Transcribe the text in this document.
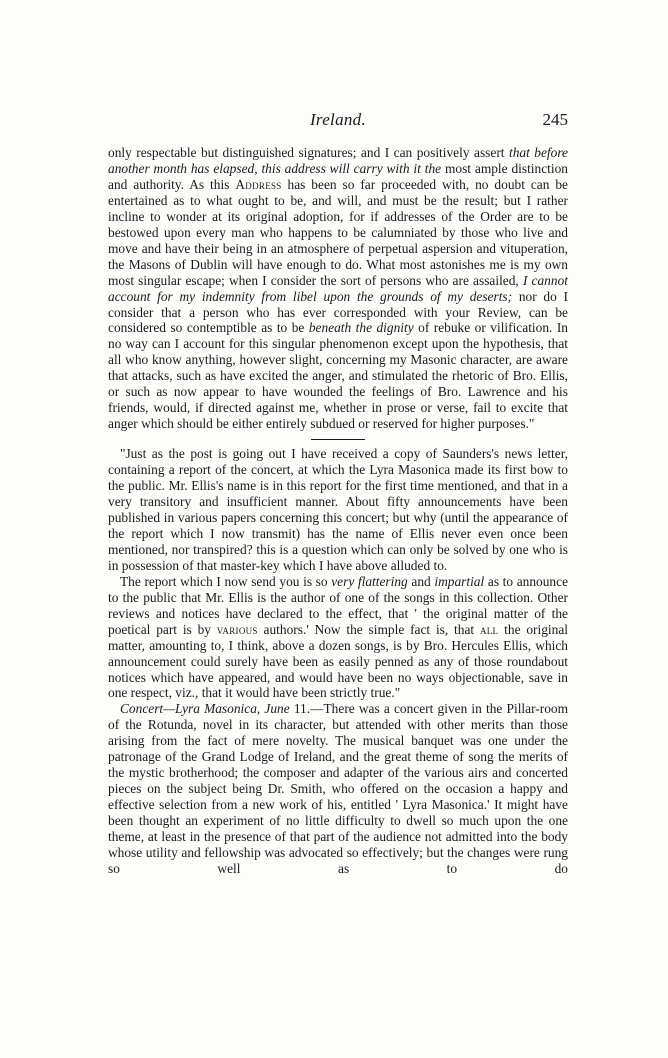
Ireland.	245

only respectable but distinguished signatures; and I can positively assert that before another month has elapsed, this address will carry with it the most ample distinction and authority. As this Address has been so far proceeded with, no doubt can be entertained as to what ought to be, and will, and must be the result; but I rather incline to wonder at its original adoption, for if addresses of the Order are to be bestowed upon every man who happens to be calumniated by those who live and move and have their being in an atmosphere of perpetual aspersion and vituperation, the Masons of Dublin will have enough to do. What most astonishes me is my own most singular escape; when I consider the sort of persons who are assailed, I cannot account for my indemnity from libel upon the grounds of my deserts; nor do I consider that a person who has ever corresponded with your Review, can be considered so contemptible as to be beneath the dignity of rebuke or vilification. In no way can I account for this singular phenomenon except upon the hypothesis, that all who know anything, however slight, concerning my Masonic character, are aware that attacks, such as have excited the anger, and stimulated the rhetoric of Bro. Ellis, or such as now appear to have wounded the feelings of Bro. Lawrence and his friends, would, if directed against me, whether in prose or verse, fail to excite that anger which should be either entirely subdued or reserved for higher purposes."

"Just as the post is going out I have received a copy of Saunders's news letter, containing a report of the concert, at which the Lyra Masonica made its first bow to the public. Mr. Ellis's name is in this report for the first time mentioned, and that in a very transitory and insufficient manner. About fifty announcements have been published in various papers concerning this concert; but why (until the appearance of the report which I now transmit) has the name of Ellis never even once been mentioned, nor transpired? this is a question which can only be solved by one who is in possession of that master-key which I have above alluded to.

The report which I now send you is so very flattering and impartial as to announce to the public that Mr. Ellis is the author of one of the songs in this collection. Other reviews and notices have declared to the effect, that ' the original matter of the poetical part is by various authors.' Now the simple fact is, that all the original matter, amounting to, I think, above a dozen songs, is by Bro. Hercules Ellis, which announcement could surely have been as easily penned as any of those roundabout notices which have appeared, and would have been no ways objectionable, save in one respect, viz., that it would have been strictly true."

Concert—Lyra Masonica, June 11.—There was a concert given in the Pillar-room of the Rotunda, novel in its character, but attended with other merits than those arising from the fact of mere novelty. The musical banquet was one under the patronage of the Grand Lodge of Ireland, and the great theme of song the merits of the mystic brotherhood; the composer and adapter of the various airs and concerted pieces on the subject being Dr. Smith, who offered on the occasion a happy and effective selection from a new work of his, entitled ' Lyra Masonica.' It might have been thought an experiment of no little difficulty to dwell so much upon the one theme, at least in the presence of that part of the audience not admitted into the body whose utility and fellowship was advocated so effectively; but the changes were rung so well as to do
